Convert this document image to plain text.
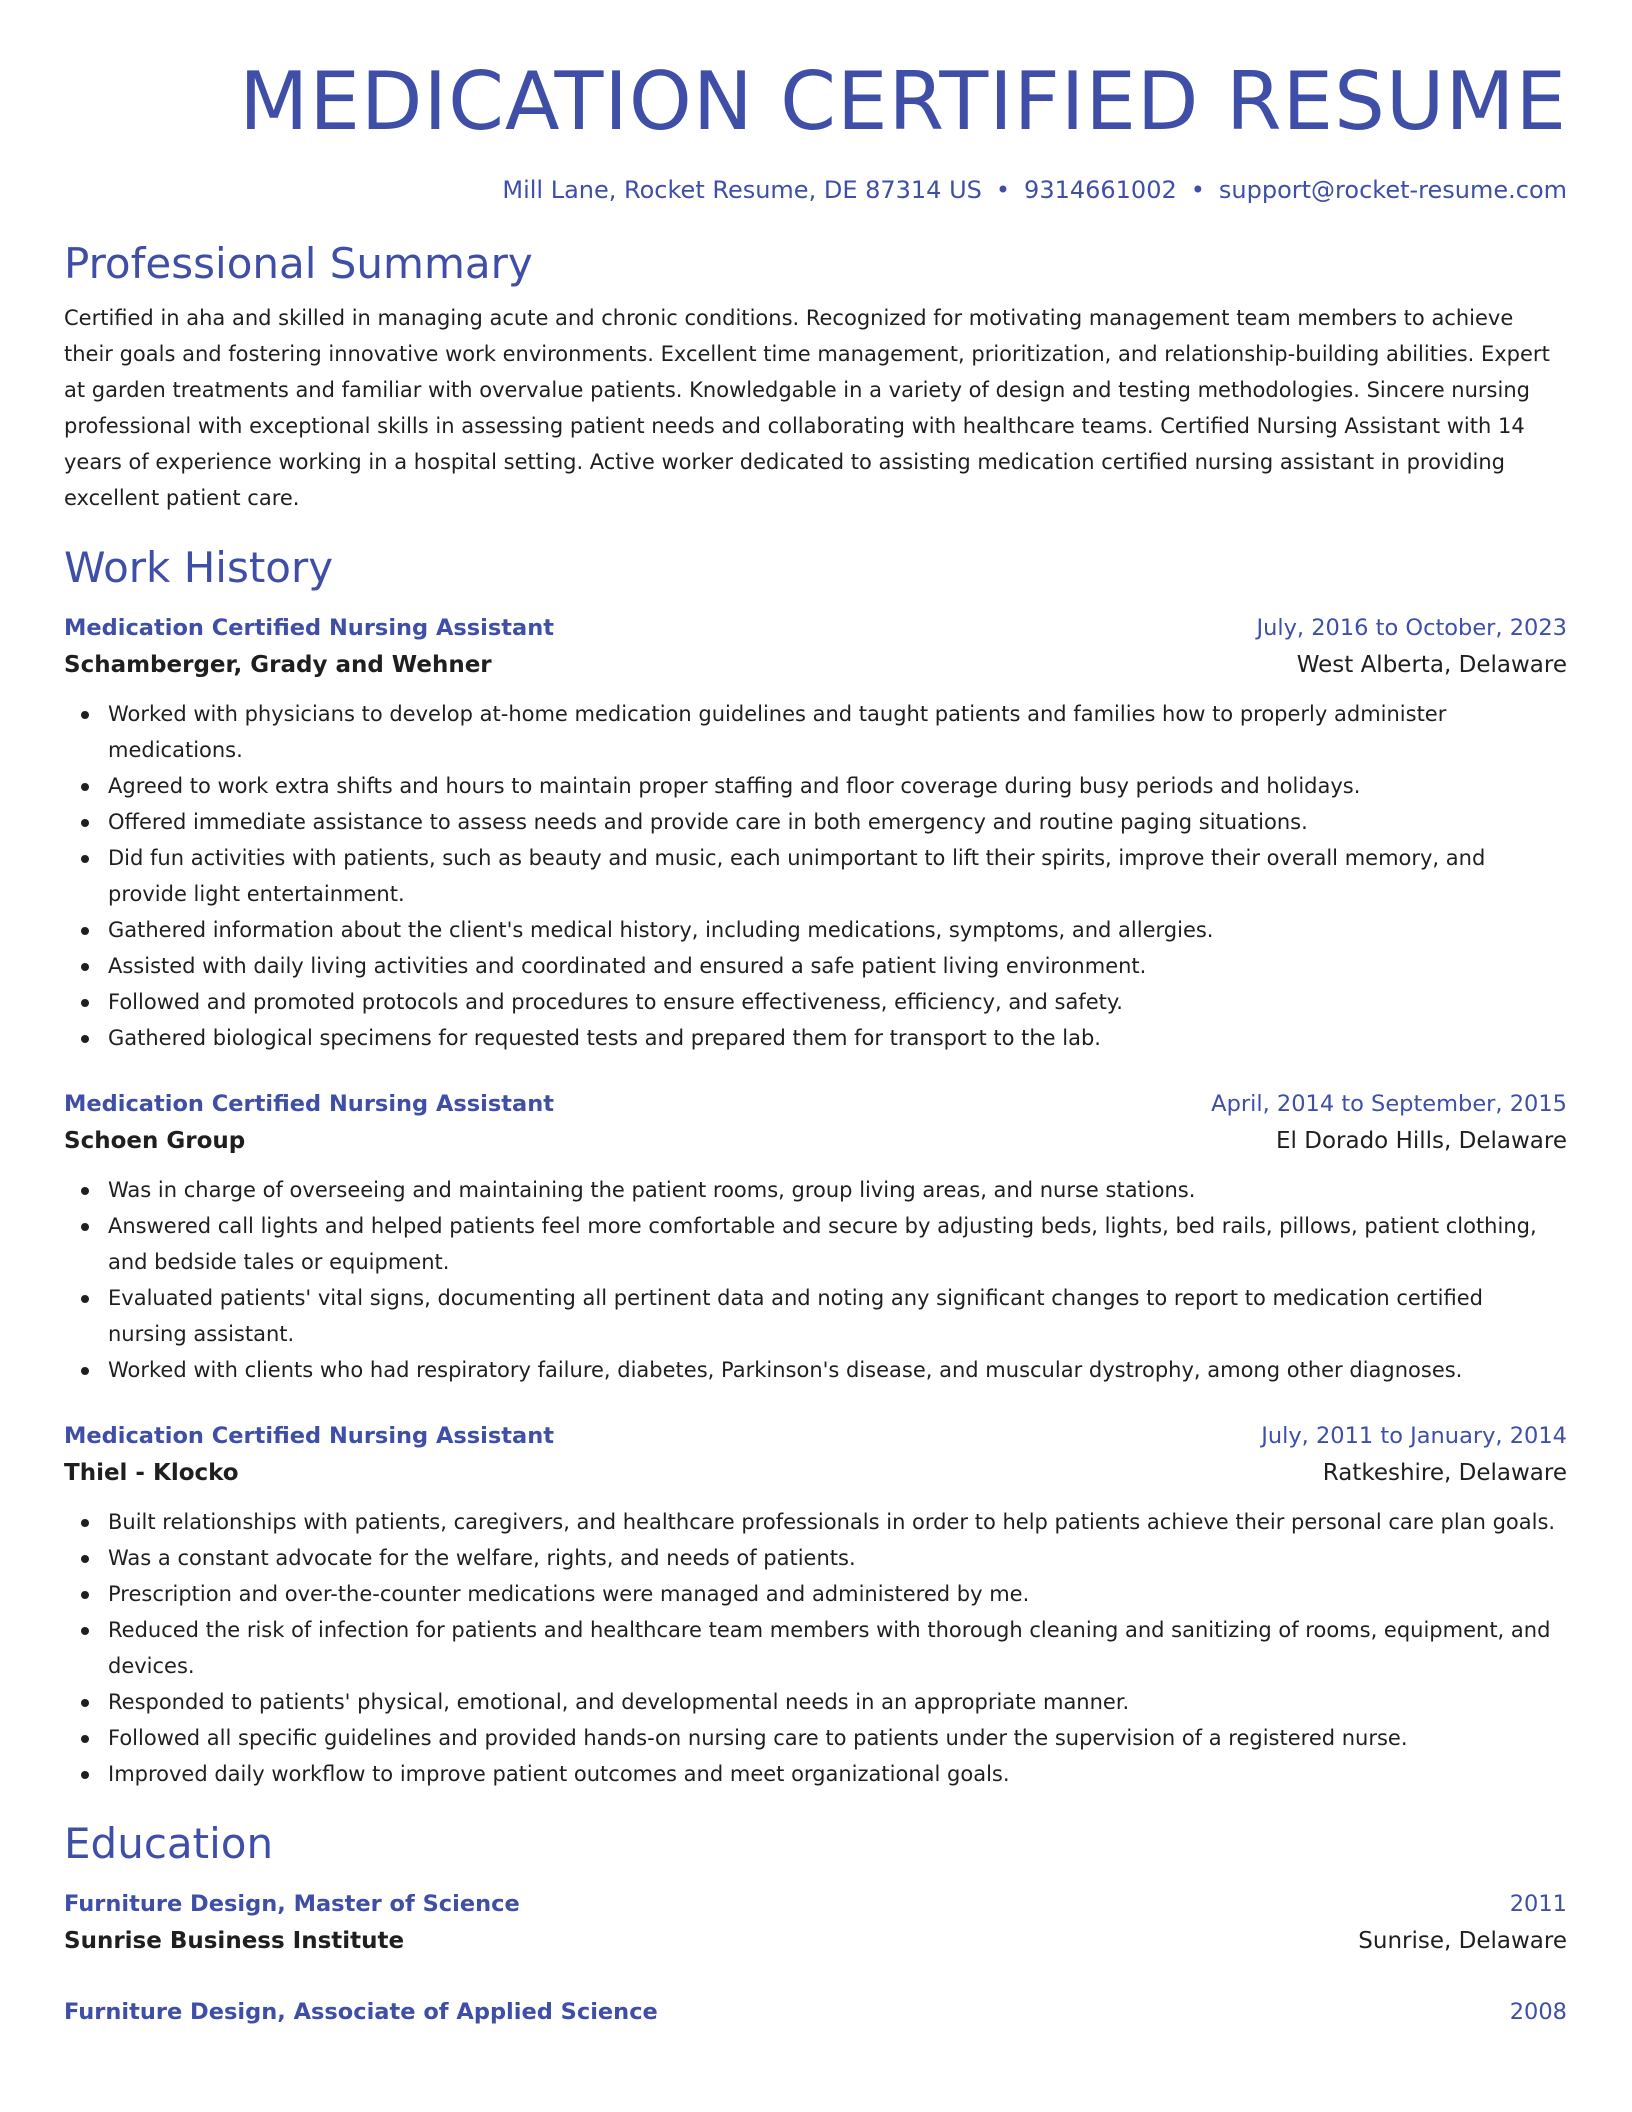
MEDICATION CERTIFIED RESUME
Mill Lane, Rocket Resume, DE 87314 US • 9314661002 • support@rocket-resume.com
Professional Summary

Certified in aha and skilled in managing acute and chronic conditions. Recognized for motivating management team members to achieve their goals and fostering innovative work environments. Excellent time management, prioritization, and relationship-building abilities. Expert at garden treatments and familiar with overvalue patients. Knowledgable in a variety of design and testing methodologies. Sincere nursing professional with exceptional skills in assessing patient needs and collaborating with healthcare teams. Certified Nursing Assistant with 14 years of experience working in a hospital setting. Active worker dedicated to assisting medication certified nursing assistant in providing excellent patient care.

Work History
Medication Certified Nursing Assistant	July, 2016 to October, 2023
Schamberger, Grady and Wehner	West Alberta, Delaware
Worked with physicians to develop at-home medication guidelines and taught patients and families how to properly administer medications.
Agreed to work extra shifts and hours to maintain proper staffing and floor coverage during busy periods and holidays.
Offered immediate assistance to assess needs and provide care in both emergency and routine paging situations.
Did fun activities with patients, such as beauty and music, each unimportant to lift their spirits, improve their overall memory, and provide light entertainment.
Gathered information about the client's medical history, including medications, symptoms, and allergies.
Assisted with daily living activities and coordinated and ensured a safe patient living environment.
Followed and promoted protocols and procedures to ensure effectiveness, efficiency, and safety.
Gathered biological specimens for requested tests and prepared them for transport to the lab.
Medication Certified Nursing Assistant	April, 2014 to September, 2015
Schoen Group	El Dorado Hills, Delaware
Was in charge of overseeing and maintaining the patient rooms, group living areas, and nurse stations.
Answered call lights and helped patients feel more comfortable and secure by adjusting beds, lights, bed rails, pillows, patient clothing, and bedside tales or equipment.
Evaluated patients' vital signs, documenting all pertinent data and noting any significant changes to report to medication certified nursing assistant.
Worked with clients who had respiratory failure, diabetes, Parkinson's disease, and muscular dystrophy, among other diagnoses.
Medication Certified Nursing Assistant	July, 2011 to January, 2014
Thiel - Klocko	Ratkeshire, Delaware
Built relationships with patients, caregivers, and healthcare professionals in order to help patients achieve their personal care plan goals.
Was a constant advocate for the welfare, rights, and needs of patients.
Prescription and over-the-counter medications were managed and administered by me.
Reduced the risk of infection for patients and healthcare team members with thorough cleaning and sanitizing of rooms, equipment, and devices.
Responded to patients' physical, emotional, and developmental needs in an appropriate manner.
Followed all specific guidelines and provided hands-on nursing care to patients under the supervision of a registered nurse.
Improved daily workflow to improve patient outcomes and meet organizational goals.
Education
Furniture Design, Master of Science	2011
Sunrise Business Institute	Sunrise, Delaware
Furniture Design, Associate of Applied Science	2008
